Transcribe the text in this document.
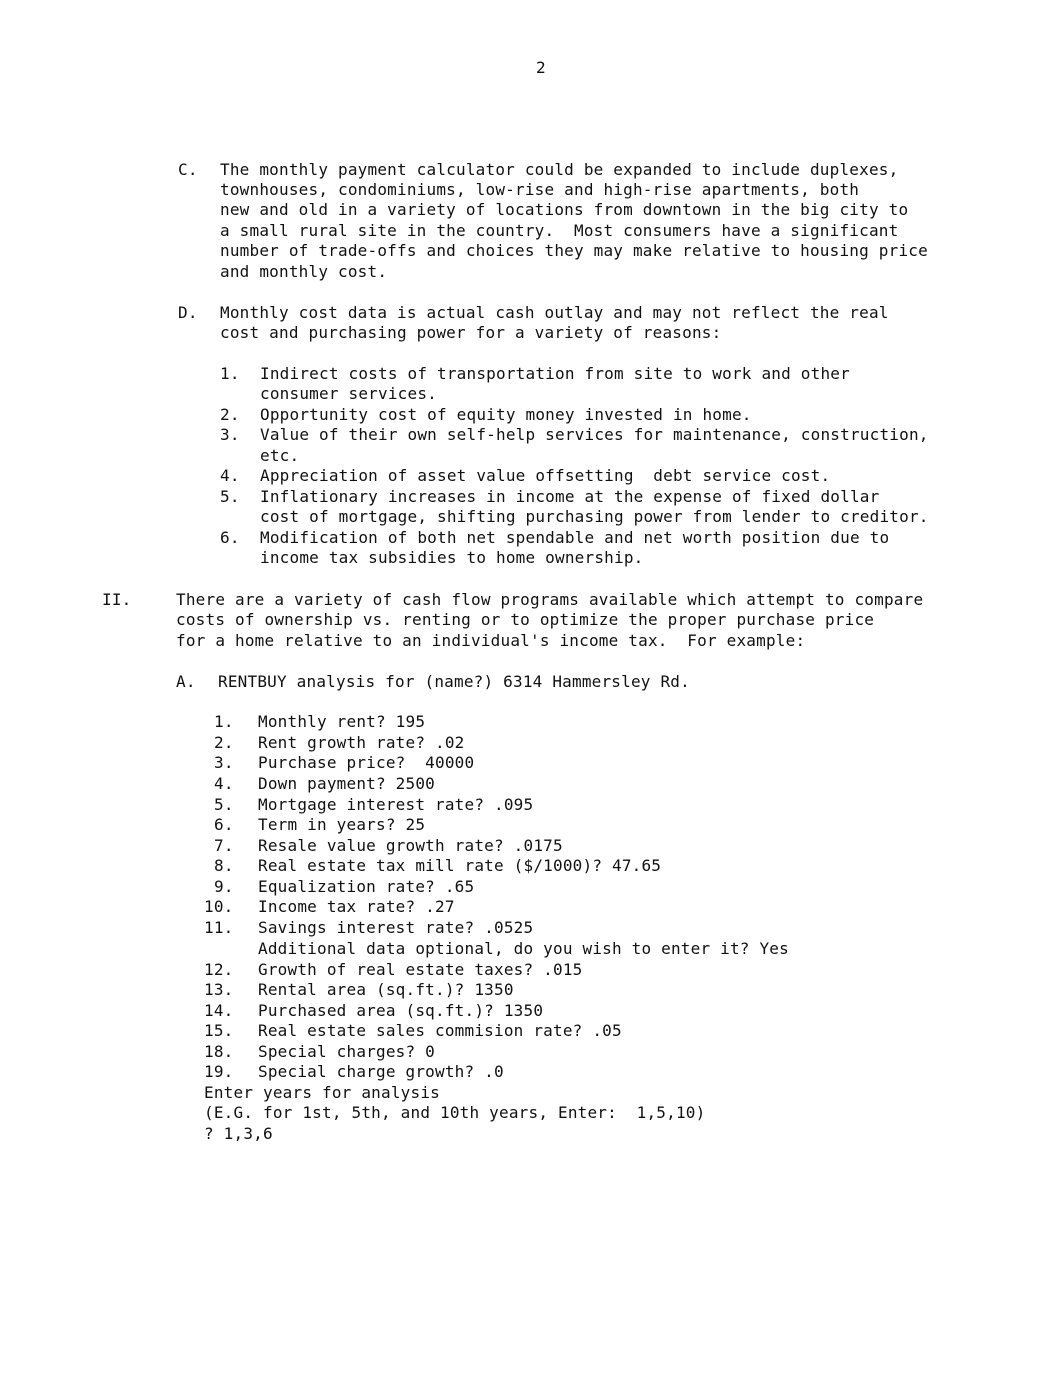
2
C. The monthly payment calculator could be expanded to include duplexes,
townhouses, condominiums, low-rise and high-rise apartments, both
new and old in a variety of locations from downtown in the big city to
a small rural site in the country.  Most consumers have a significant
number of trade-offs and choices they may make relative to housing price
and monthly cost.
D. Monthly cost data is actual cash outlay and may not reflect the real
cost and purchasing power for a variety of reasons:
1. Indirect costs of transportation from site to work and other
consumer services.
2. Opportunity cost of equity money invested in home.
3. Value of their own self-help services for maintenance, construction,
etc.
4. Appreciation of asset value offsetting  debt service cost.
5. Inflationary increases in income at the expense of fixed dollar
cost of mortgage, shifting purchasing power from lender to creditor.
6. Modification of both net spendable and net worth position due to
income tax subsidies to home ownership.
II.	There are a variety of cash flow programs available which attempt to compare
costs of ownership vs. renting or to optimize the proper purchase price
for a home relative to an individual's income tax.  For example:
A. RENTBUY analysis for (name?) 6314 Hammersley Rd.
1. Monthly rent? 195
2. Rent growth rate? .02
3. Purchase price?  40000
4. Down payment? 2500
5. Mortgage interest rate? .095
6. Term in years? 25
7. Resale value growth rate? .0175
8. Real estate tax mill rate ($/1000)? 47.65
9. Equalization rate? .65
10. Income tax rate? .27
11. Savings interest rate? .0525
Additional data optional, do you wish to enter it? Yes
12. Growth of real estate taxes? .015
13. Rental area (sq.ft.)? 1350
14. Purchased area (sq.ft.)? 1350
15. Real estate sales commision rate? .05
18. Special charges? 0
19. Special charge growth? .0
Enter years for analysis
(E.G. for 1st, 5th, and 10th years, Enter:  1,5,10)
? 1,3,6
